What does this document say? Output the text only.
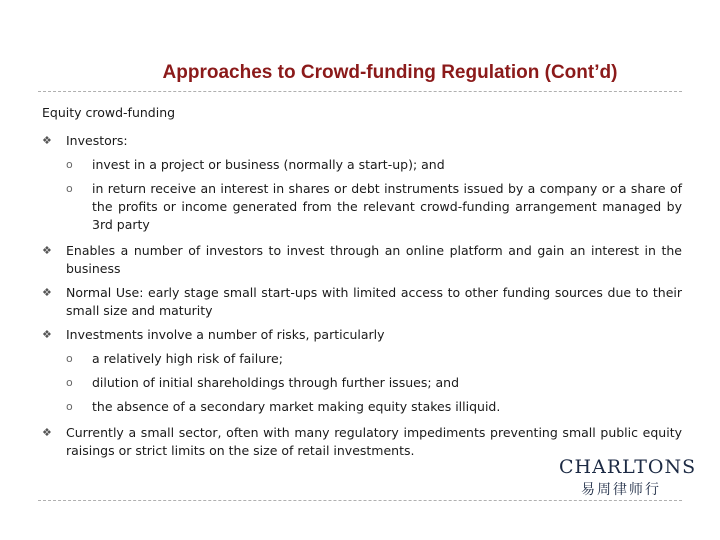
Approaches to Crowd-funding Regulation (Cont’d)
Equity crowd-funding
❖ Investors:
o invest in a project or business (normally a start-up); and
o in return receive an interest in shares or debt instruments issued by a company or a share of the profits or income generated from the relevant crowd-funding arrangement managed by 3rd party
❖ Enables a number of investors to invest through an online platform and gain an interest in the business
❖ Normal Use: early stage small start-ups with limited access to other funding sources due to their small size and maturity
❖ Investments involve a number of risks, particularly
o a relatively high risk of failure;
o dilution of initial shareholdings through further issues; and
o the absence of a secondary market making equity stakes illiquid.
❖ Currently a small sector, often with many regulatory impediments preventing small public equity raisings or strict limits on the size of retail investments.
CHARLTONS
易周律师行
